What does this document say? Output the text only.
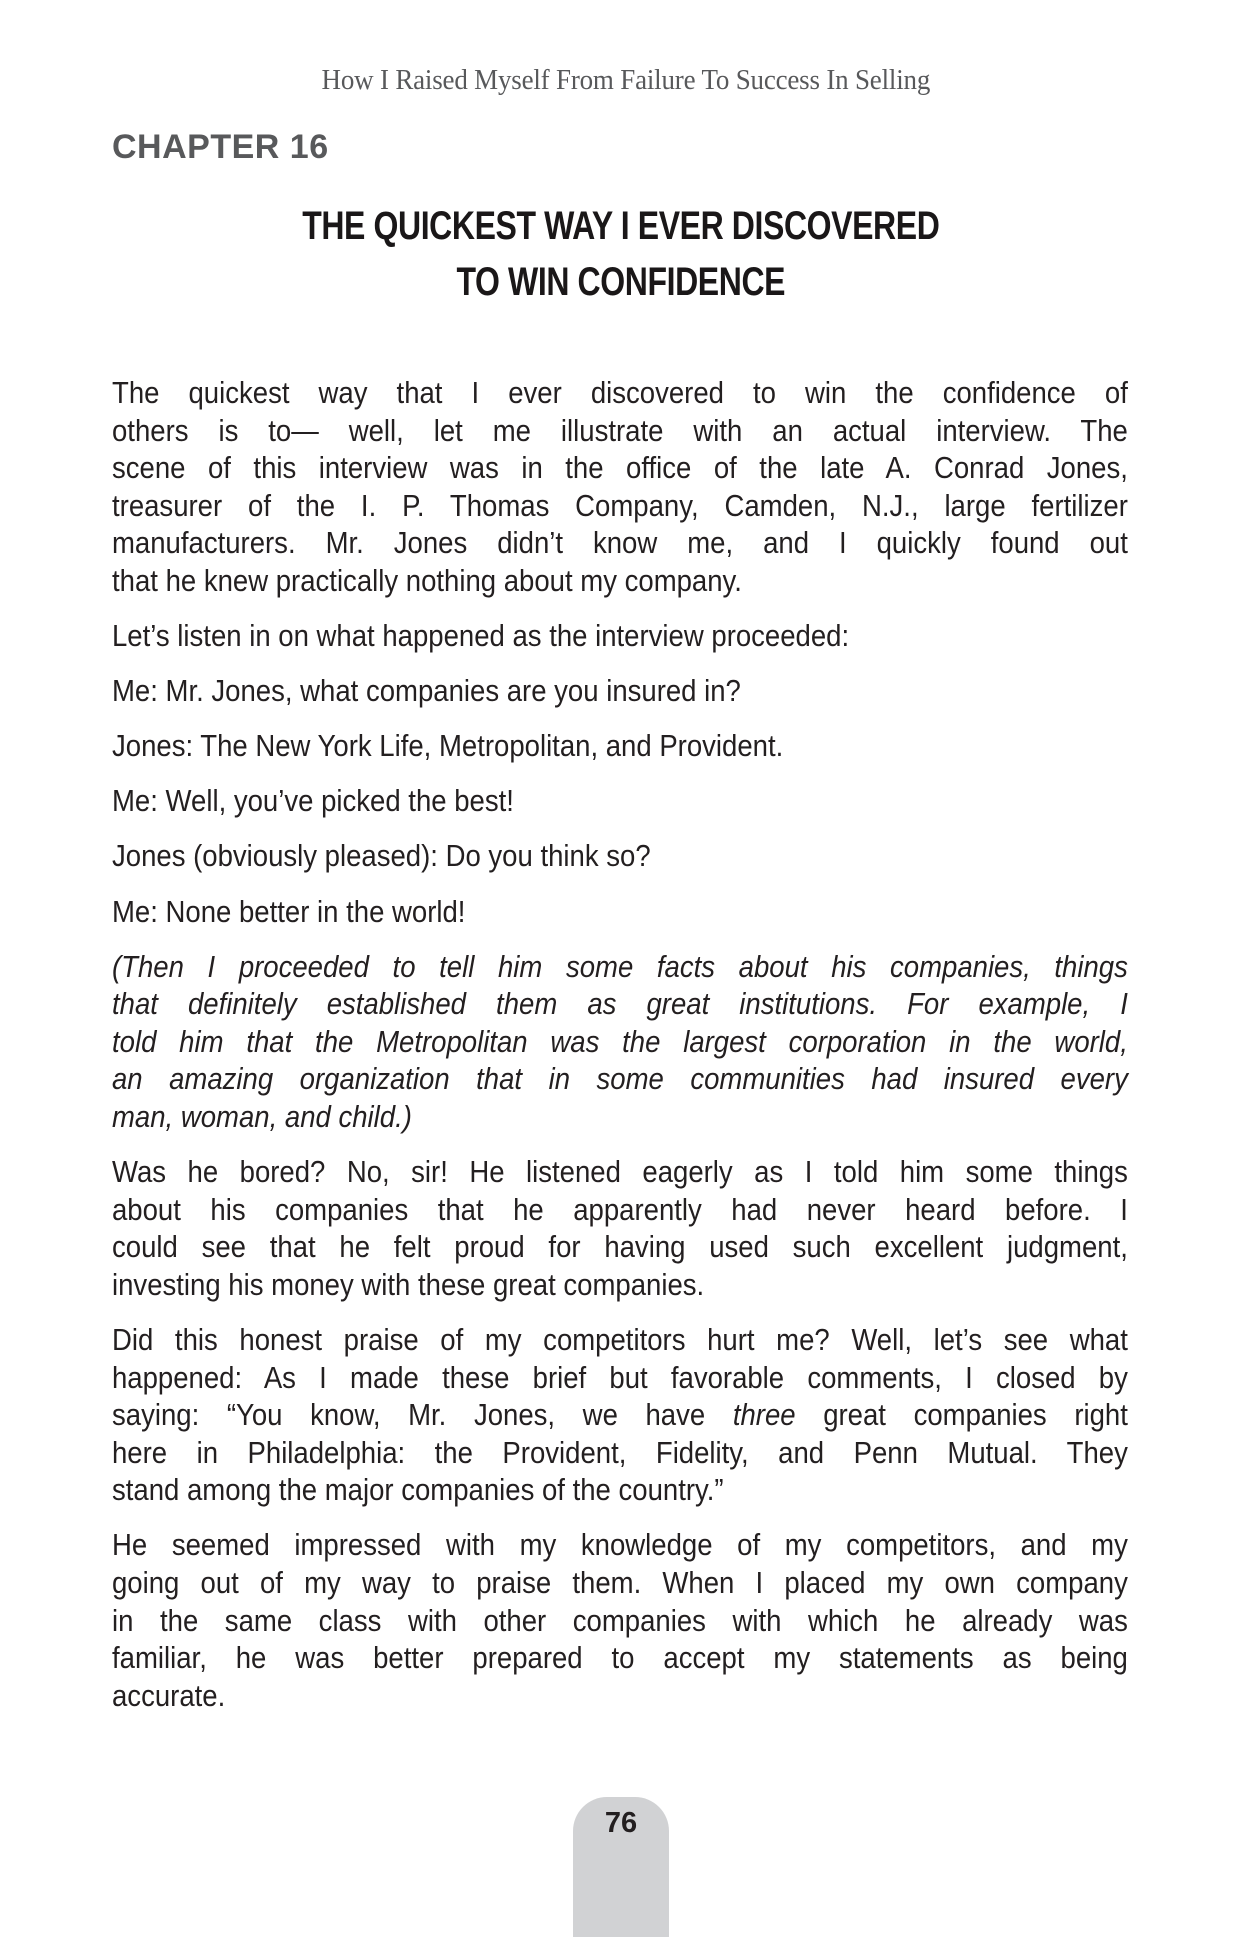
How I Raised Myself From Failure To Success In Selling
CHAPTER 16
THE QUICKEST WAY I EVER DISCOVERED
TO WIN CONFIDENCE
The quickest way that I ever discovered to win the confidence of
others is to— well, let me illustrate with an actual interview. The
scene of this interview was in the office of the late A. Conrad Jones,
treasurer of the I. P. Thomas Company, Camden, N.J., large fertilizer
manufacturers. Mr. Jones didn’t know me, and I quickly found out
that he knew practically nothing about my company.
Let’s listen in on what happened as the interview proceeded:
Me: Mr. Jones, what companies are you insured in?
Jones: The New York Life, Metropolitan, and Provident.
Me: Well, you’ve picked the best!
Jones (obviously pleased): Do you think so?
Me: None better in the world!
(Then I proceeded to tell him some facts about his companies, things
that definitely established them as great institutions. For example, I
told him that the Metropolitan was the largest corporation in the world,
an amazing organization that in some communities had insured every
man, woman, and child.)
Was he bored? No, sir! He listened eagerly as I told him some things
about his companies that he apparently had never heard before. I
could see that he felt proud for having used such excellent judgment,
investing his money with these great companies.
Did this honest praise of my competitors hurt me? Well, let’s see what
happened: As I made these brief but favorable comments, I closed by
saying: “You know, Mr. Jones, we have three great companies right
here in Philadelphia: the Provident, Fidelity, and Penn Mutual. They
stand among the major companies of the country.”
He seemed impressed with my knowledge of my competitors, and my
going out of my way to praise them. When I placed my own company
in the same class with other companies with which he already was
familiar, he was better prepared to accept my statements as being
accurate.
76
